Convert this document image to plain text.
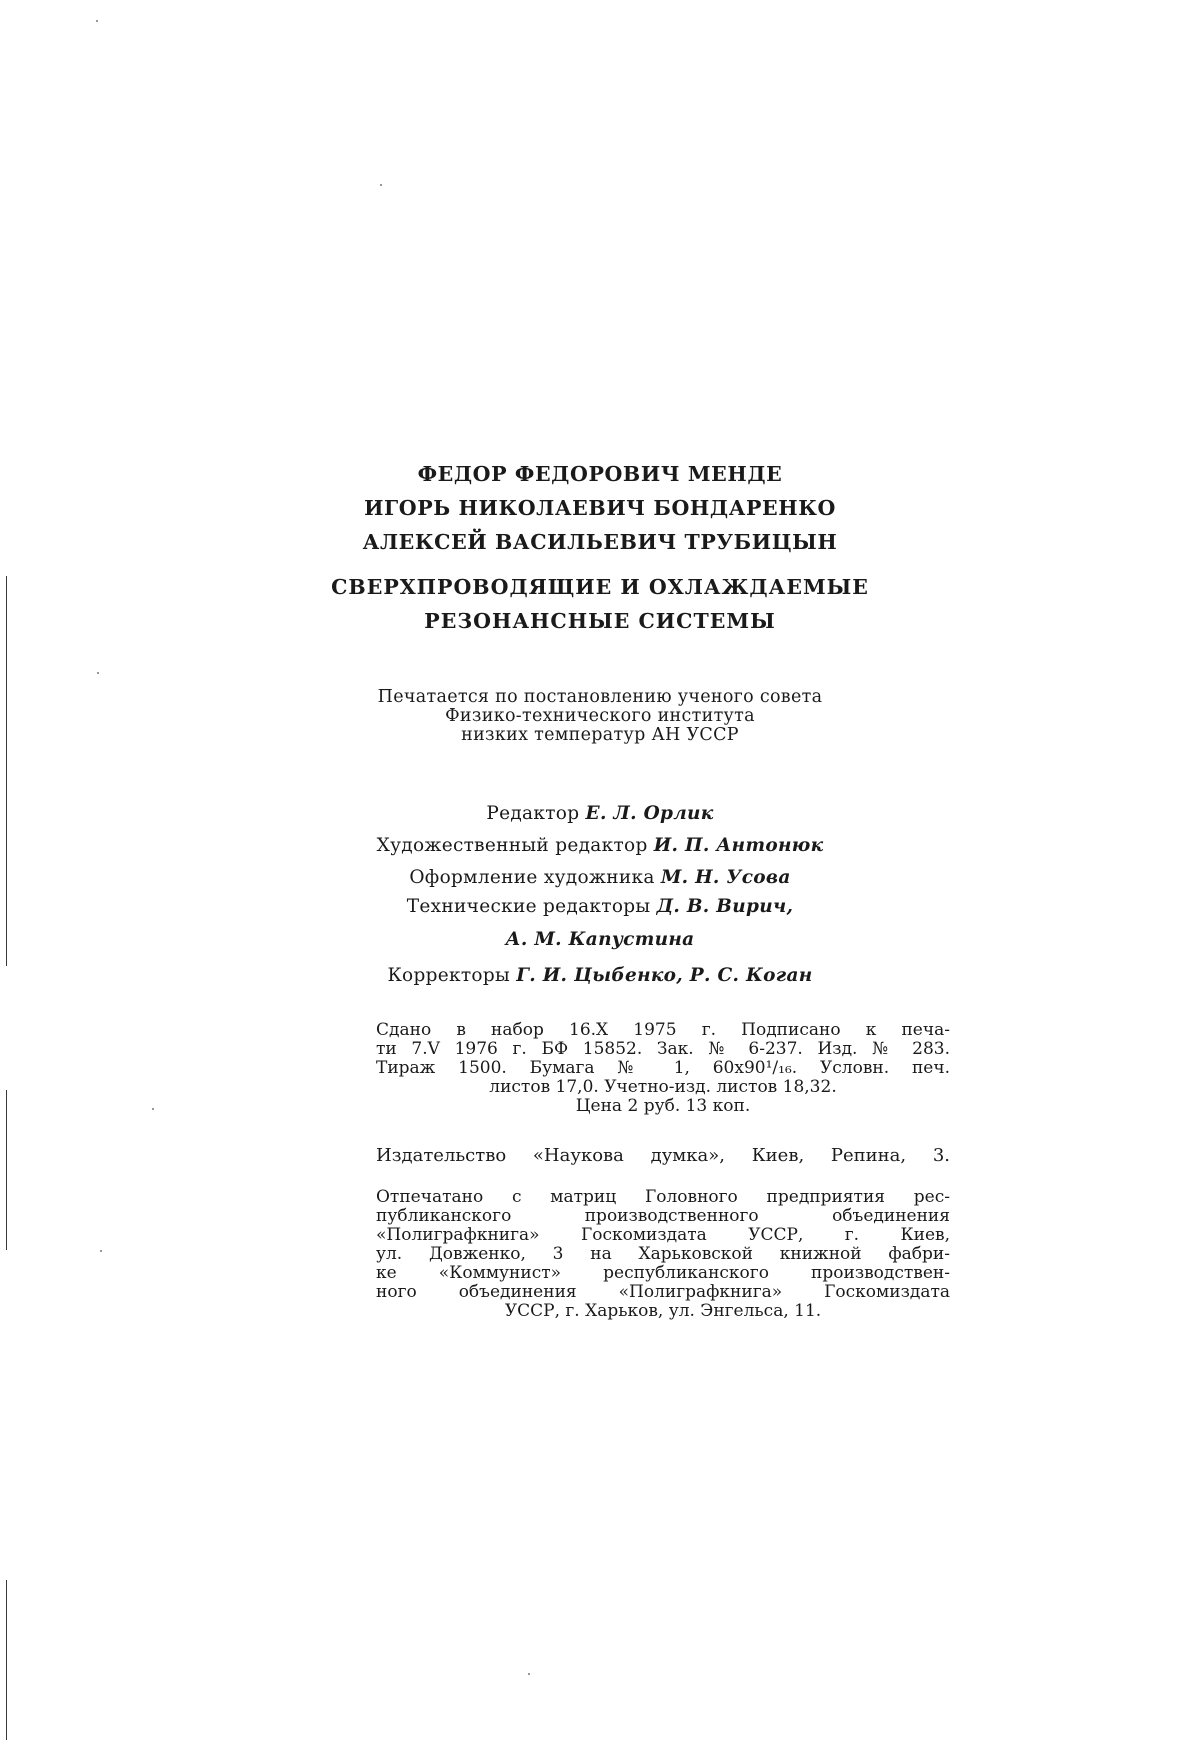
ФЕДОР ФЕДОРОВИЧ МЕНДЕ
ИГОРЬ НИКОЛАЕВИЧ БОНДАРЕНКО
АЛЕКСЕЙ ВАСИЛЬЕВИЧ ТРУБИЦЫН
СВЕРХПРОВОДЯЩИЕ И ОХЛАЖДАЕМЫЕ
РЕЗОНАНСНЫЕ СИСТЕМЫ
Печатается по постановлению ученого совета
Физико-технического института
низких температур АН УССР
Редактор Е. Л. Орлик
Художественный редактор И. П. Антонюк
Оформление художника М. Н. Усова
Технические редакторы Д. В. Вирич,
А. М. Капустина
Корректоры Г. И. Цыбенко, Р. С. Коган
Сдано в набор 16.X 1975 г. Подписано к печа-
ти 7.V 1976 г. БФ 15852. Зак. № 6-237. Изд. № 283.
Тираж 1500. Бумага № 1, 60x90¹/₁₆. Условн. печ.
листов 17,0. Учетно-изд. листов 18,32.
Цена 2 руб. 13 коп.
Издательство «Наукова думка», Киев, Репина, 3.
Отпечатано с матриц Головного предприятия рес-
публиканского производственного объединения
«Полиграфкнига» Госкомиздата УССР, г. Киев,
ул. Довженко, 3 на Харьковской книжной фабри-
ке «Коммунист» республиканского производствен-
ного объединения «Полиграфкнига» Госкомиздата
УССР, г. Харьков, ул. Энгельса, 11.
